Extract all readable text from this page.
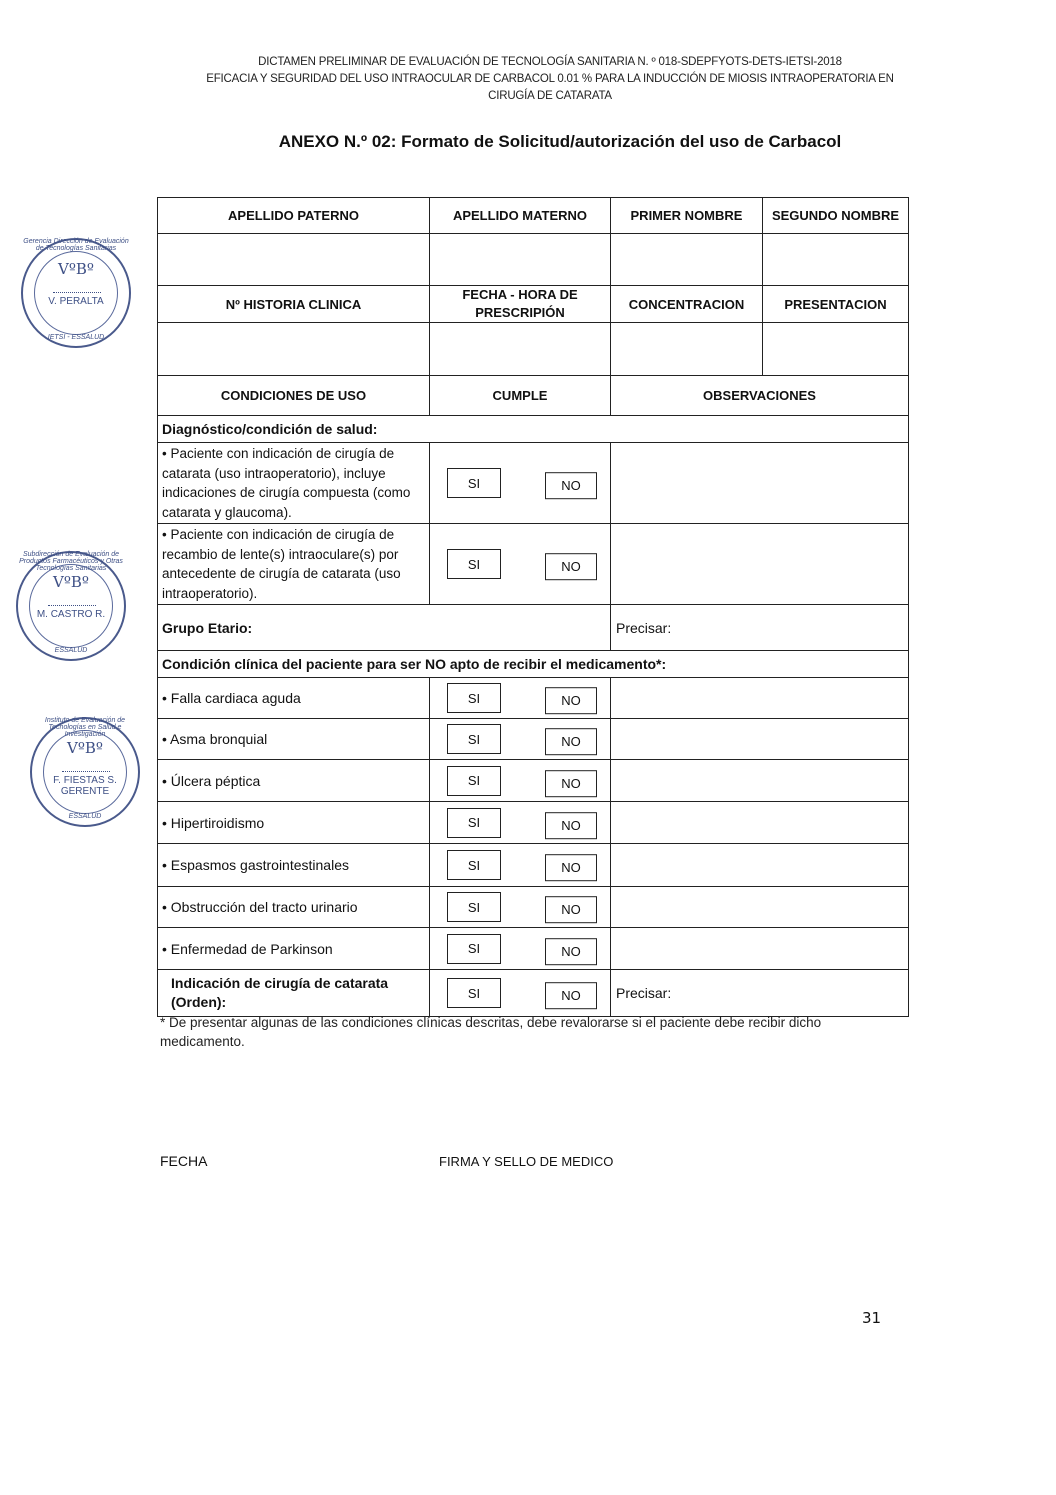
DICTAMEN PRELIMINAR DE EVALUACIÓN DE TECNOLOGÍA SANITARIA N. º 018-SDEPFYOTS-DETS-IETSI-2018
EFICACIA Y SEGURIDAD DEL USO INTRAOCULAR DE CARBACOL 0.01 % PARA LA INDUCCIÓN DE MIOSIS INTRAOPERATORIA EN
CIRUGÍA DE CATARATA
ANEXO N.º 02: Formato de Solicitud/autorización del uso de Carbacol
Gerencia Dirección de Evaluación de Tecnologías Sanitarias
VºBº
V. PERALTA
IETSI - ESSALUD
Subdirección de Evaluación de Productos Farmacéuticos y Otras Tecnologías Sanitarias
VºBº
M. CASTRO R.
ESSALUD
Instituto de Evaluación de Tecnologías en Salud e Investigación
VºBº
F. FIESTAS S. GERENTE
ESSALUD
APELLIDO PATERNO	APELLIDO MATERNO	PRIMER NOMBRE	SEGUNDO NOMBRE

Nº HISTORIA CLINICA	FECHA - HORA DE PRESCRIPIÓN	CONCENTRACION	PRESENTACION

CONDICIONES DE USO	CUMPLE	OBSERVACIONES	
Diagnóstico/condición de salud:			
• Paciente con indicación de cirugía de catarata (uso intraoperatorio), incluye indicaciones de cirugía compuesta (como catarata y glaucoma).	SI NO		

• Paciente con indicación de cirugía de recambio de lente(s) intraoculare(s) por antecedente de cirugía de catarata (uso intraoperatorio).	SI NO		

Grupo Etario:		Precisar:	
Condición clínica del paciente para ser NO apto de recibir el medicamento*:			
• Falla cardiaca aguda	SI NO		

• Asma bronquial	SI NO		

• Úlcera péptica	SI NO		

• Hipertiroidismo	SI NO		

• Espasmos gastrointestinales	SI NO		

• Obstrucción del tracto urinario	SI NO		

• Enfermedad de Parkinson	SI NO		

Indicación de cirugía de catarata (Orden):	SI NO	Precisar:	
* De presentar algunas de las condiciones clínicas descritas, debe revalorarse si el paciente debe recibir dicho medicamento.
FECHA	FIRMA Y SELLO DE MEDICO
31
